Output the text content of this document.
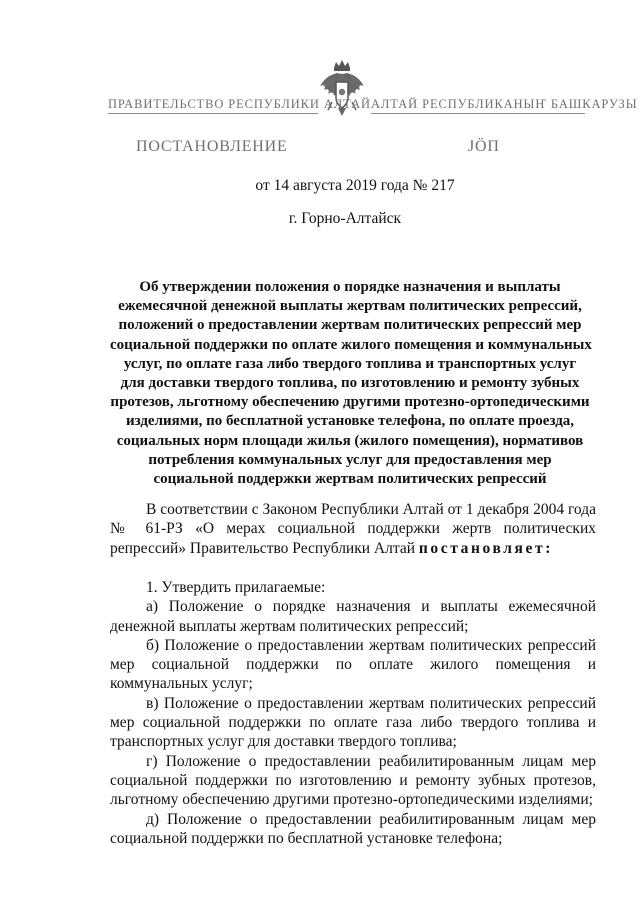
ПРАВИТЕЛЬСТВО РЕСПУБЛИКИ АЛТАЙ АЛТАЙ РЕСПУБЛИКАНЫҤ БАШКАРУЗЫ
ПОСТАНОВЛЕНИЕ	ЈӦП
от 14 августа 2019 года № 217
г. Горно-Алтайск
Об утверждении положения о порядке назначения и выплаты
ежемесячной денежной выплаты жертвам политических репрессий,
положений о предоставлении жертвам политических репрессий мер
социальной поддержки по оплате жилого помещения и коммунальных
услуг, по оплате газа либо твердого топлива и транспортных услуг
для доставки твердого топлива, по изготовлению и ремонту зубных
протезов, льготному обеспечению другими протезно-ортопедическими
изделиями, по бесплатной установке телефона, по оплате проезда,
социальных норм площади жилья (жилого помещения), нормативов
потребления коммунальных услуг для предоставления мер
социальной поддержки жертвам политических репрессий

В соответствии с Законом Республики Алтай от 1 декабря 2004 года № 61-РЗ «О мерах социальной поддержки жертв политических репрессий» Правительство Республики Алтай постановляет:

1. Утвердить прилагаемые:

а) Положение о порядке назначения и выплаты ежемесячной денежной выплаты жертвам политических репрессий;

б) Положение о предоставлении жертвам политических репрессий мер социальной поддержки по оплате жилого помещения и коммунальных услуг;

в) Положение о предоставлении жертвам политических репрессий мер социальной поддержки по оплате газа либо твердого топлива и транспортных услуг для доставки твердого топлива;

г) Положение о предоставлении реабилитированным лицам мер социальной поддержки по изготовлению и ремонту зубных протезов, льготному обеспечению другими протезно-ортопедическими изделиями;

д) Положение о предоставлении реабилитированным лицам мер социальной поддержки по бесплатной установке телефона;
